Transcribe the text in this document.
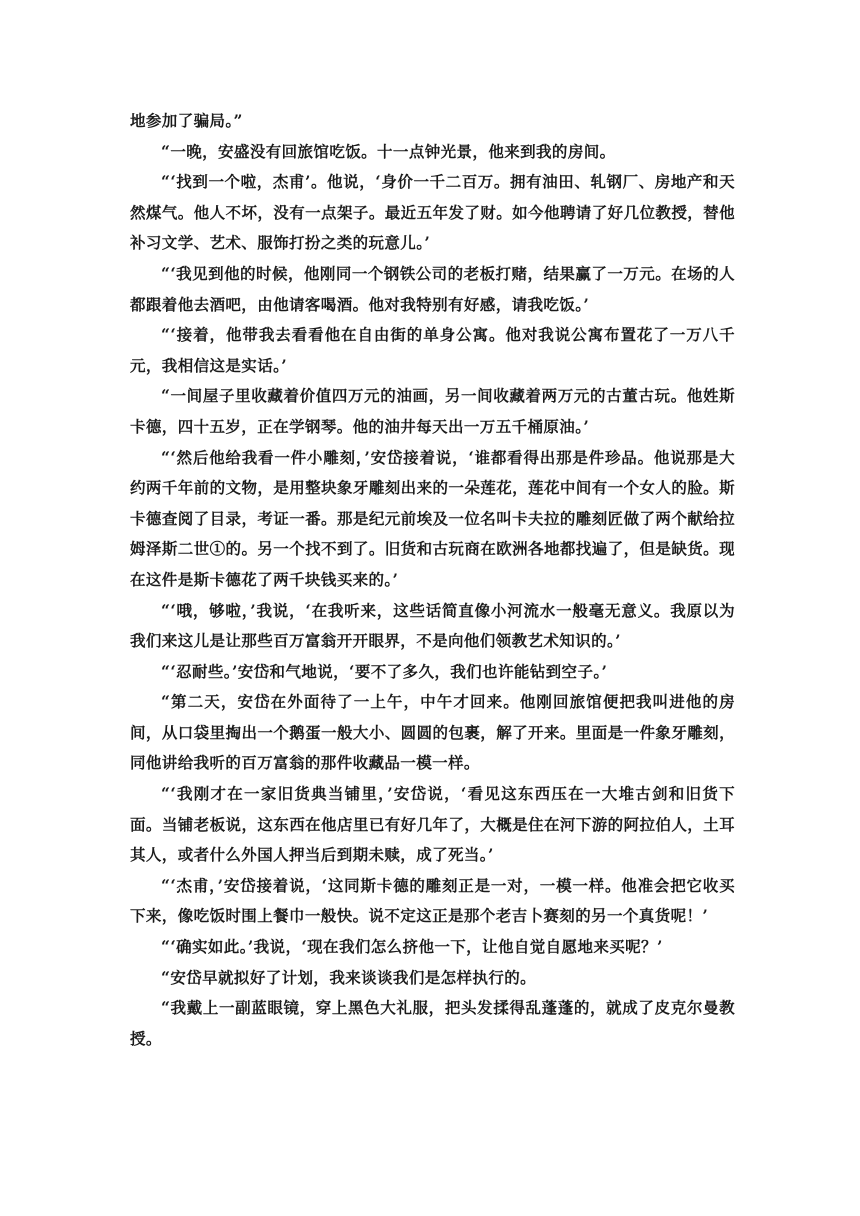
地参加了骗局。”

“一晚，安盛没有回旅馆吃饭。十一点钟光景，他来到我的房间。

“‘找到一个啦，杰甫’。他说，‘身价一千二百万。拥有油田、轧钢厂、房地产和天然煤气。他人不坏，没有一点架子。最近五年发了财。如今他聘请了好几位教授，替他补习文学、艺术、服饰打扮之类的玩意儿。’

“‘我见到他的时候，他刚同一个钢铁公司的老板打赌，结果赢了一万元。在场的人都跟着他去酒吧，由他请客喝酒。他对我特别有好感，请我吃饭。’

“‘接着，他带我去看看他在自由街的单身公寓。他对我说公寓布置花了一万八千元，我相信这是实话。’

“一间屋子里收藏着价值四万元的油画，另一间收藏着两万元的古董古玩。他姓斯卡德，四十五岁，正在学钢琴。他的油井每天出一万五千桶原油。’

“‘然后他给我看一件小雕刻，’安岱接着说，‘谁都看得出那是件珍品。他说那是大约两千年前的文物，是用整块象牙雕刻出来的一朵莲花，莲花中间有一个女人的脸。斯卡德查阅了目录，考证一番。那是纪元前埃及一位名叫卡夫拉的雕刻匠做了两个献给拉姆泽斯二世①的。另一个找不到了。旧货和古玩商在欧洲各地都找遍了，但是缺货。现在这件是斯卡德花了两千块钱买来的。’

“‘哦，够啦，’我说，‘在我听来，这些话简直像小河流水一般毫无意义。我原以为我们来这儿是让那些百万富翁开开眼界，不是向他们领教艺术知识的。’

“‘忍耐些。’安岱和气地说，‘要不了多久，我们也许能钻到空子。’

“第二天，安岱在外面待了一上午，中午才回来。他刚回旅馆便把我叫进他的房间，从口袋里掏出一个鹅蛋一般大小、圆圆的包裹，解了开来。里面是一件象牙雕刻，同他讲给我听的百万富翁的那件收藏品一模一样。

“‘我刚才在一家旧货典当铺里，’安岱说，‘看见这东西压在一大堆古剑和旧货下面。当铺老板说，这东西在他店里已有好几年了，大概是住在河下游的阿拉伯人，土耳其人，或者什么外国人押当后到期未赎，成了死当。’

“‘杰甫，’安岱接着说，‘这同斯卡德的雕刻正是一对，一模一样。他准会把它收买下来，像吃饭时围上餐巾一般快。说不定这正是那个老吉卜赛刻的另一个真货呢！’

“‘确实如此。’我说，‘现在我们怎么挤他一下，让他自觉自愿地来买呢？’

“安岱早就拟好了计划，我来谈谈我们是怎样执行的。

“我戴上一副蓝眼镜，穿上黑色大礼服，把头发揉得乱蓬蓬的，就成了皮克尔曼教授。
